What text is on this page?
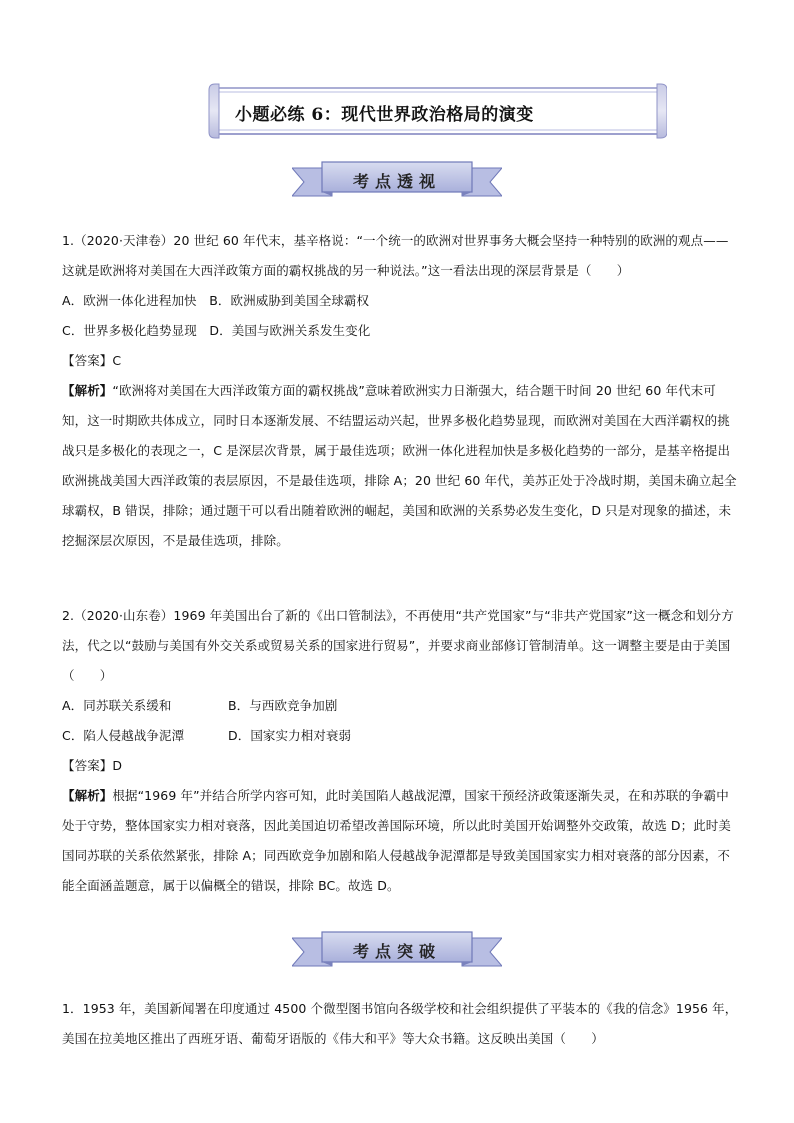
小题必练 6：现代世界政治格局的演变
考点透视

1.（2020·天津卷）20 世纪 60 年代末，基辛格说：“一个统一的欧洲对世界事务大概会坚持一种特别的欧洲的观点——这就是欧洲将对美国在大西洋政策方面的霸权挑战的另一种说法。”这一看法出现的深层背景是（　　）

A．欧洲一体化进程加快　B．欧洲威胁到美国全球霸权

C．世界多极化趋势显现　D．美国与欧洲关系发生变化

【答案】C

【解析】“欧洲将对美国在大西洋政策方面的霸权挑战”意味着欧洲实力日渐强大，结合题干时间 20 世纪 60 年代末可知，这一时期欧共体成立，同时日本逐渐发展、不结盟运动兴起，世界多极化趋势显现，而欧洲对美国在大西洋霸权的挑战只是多极化的表现之一，C 是深层次背景，属于最佳选项；欧洲一体化进程加快是多极化趋势的一部分，是基辛格提出欧洲挑战美国大西洋政策的表层原因，不是最佳选项，排除 A；20 世纪 60 年代，美苏正处于冷战时期，美国未确立起全球霸权，B 错误，排除；通过题干可以看出随着欧洲的崛起，美国和欧洲的关系势必发生变化，D 只是对现象的描述，未挖掘深层次原因，不是最佳选项，排除。

2.（2020·山东卷）1969 年美国出台了新的《出口管制法》，不再使用“共产党国家”与“非共产党国家”这一概念和划分方法，代之以“鼓励与美国有外交关系或贸易关系的国家进行贸易”，并要求商业部修订管制清单。这一调整主要是由于美国（　　）

A．同苏联关系缓和	B．与西欧竞争加剧

C．陷人侵越战争泥潭	D．国家实力相对衰弱

【答案】D

【解析】根据“1969 年”并结合所学内容可知，此时美国陷人越战泥潭，国家干预经济政策逐渐失灵，在和苏联的争霸中处于守势，整体国家实力相对衰落，因此美国迫切希望改善国际环境，所以此时美国开始调整外交政策，故选 D；此时美国同苏联的关系依然紧张，排除 A；同西欧竞争加剧和陷人侵越战争泥潭都是导致美国国家实力相对衰落的部分因素，不能全面涵盖题意，属于以偏概全的错误，排除 BC。故选 D。

考点突破

1．1953 年，美国新闻署在印度通过 4500 个微型图书馆向各级学校和社会组织提供了平装本的《我的信念》1956 年，美国在拉美地区推出了西班牙语、葡萄牙语版的《伟大和平》等大众书籍。这反映出美国（　　）
